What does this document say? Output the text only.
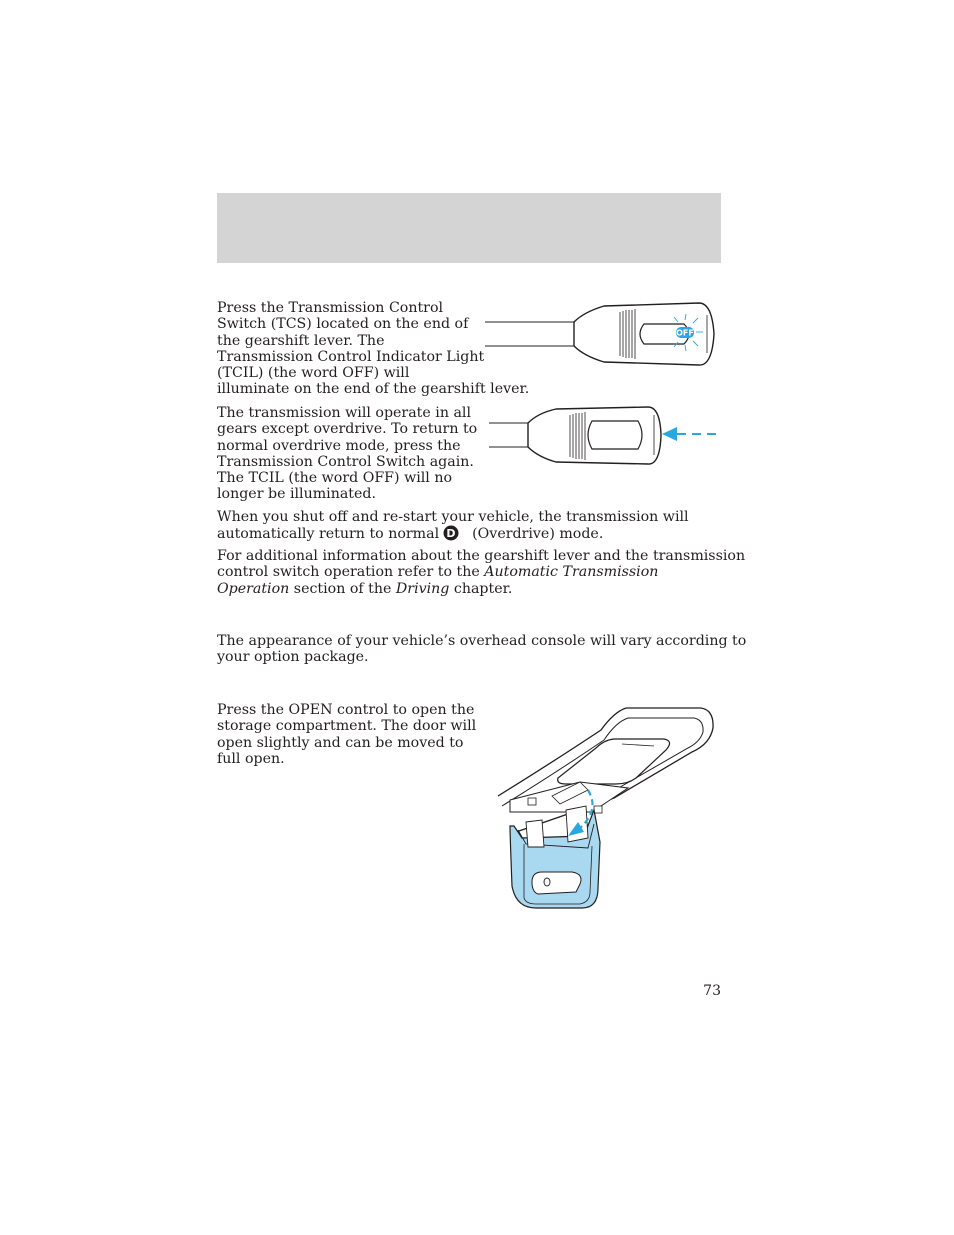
Press the Transmission Control
Switch (TCS) located on the end of
the gearshift lever. The
Transmission Control Indicator Light
(TCIL) (the word OFF) will
illuminate on the end of the gearshift lever.

OFF

The transmission will operate in all
gears except overdrive. To return to
normal overdrive mode, press the
Transmission Control Switch again.
The TCIL (the word OFF) will no
longer be illuminated.

When you shut off and re-start your vehicle, the transmission will
automatically return to normal D (Overdrive) mode.

For additional information about the gearshift lever and the transmission
control switch operation refer to the Automatic Transmission
Operation section of the Driving chapter.

The appearance of your vehicle’s overhead console will vary according to
your option package.

Press the OPEN control to open the
storage compartment. The door will
open slightly and can be moved to
full open.

73
